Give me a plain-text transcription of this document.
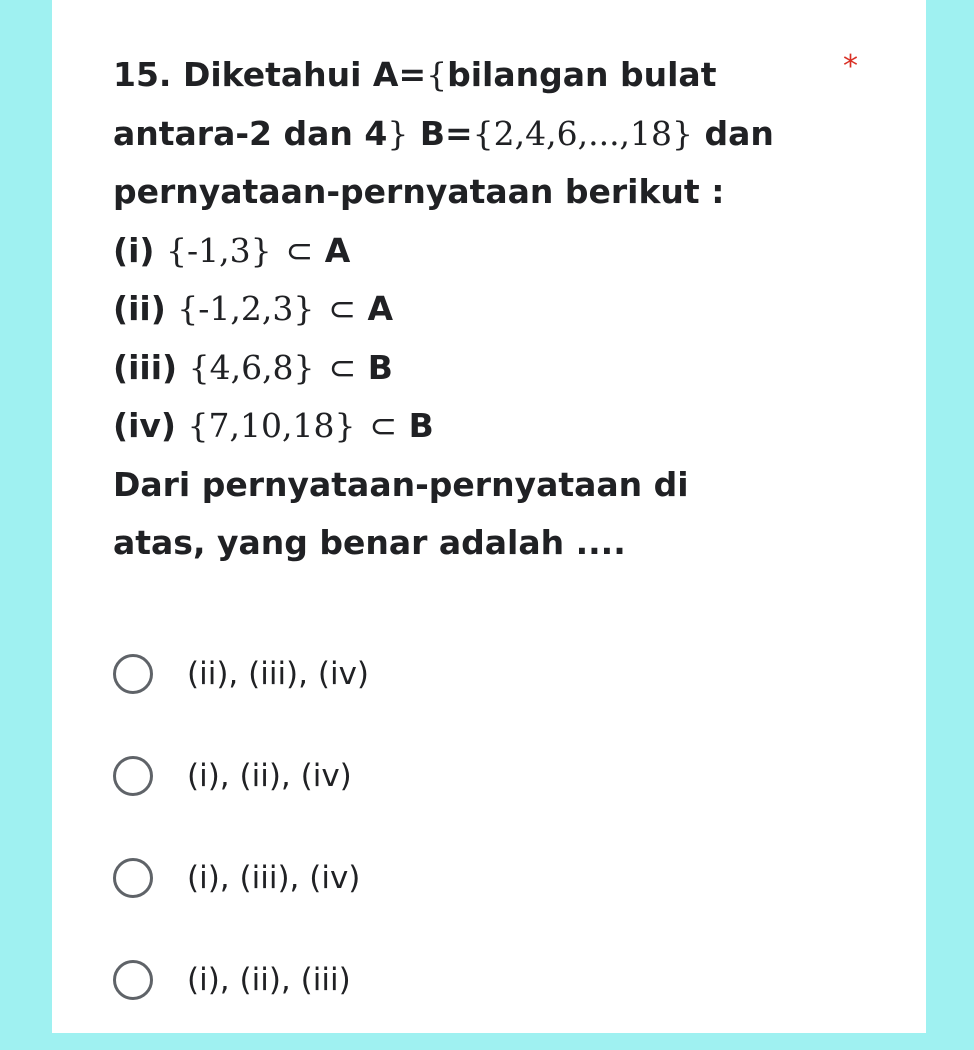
*
15. Diketahui A={bilangan bulat
antara-2 dan 4} B={2,4,6,...,18} dan
pernyataan-pernyataan berikut :
(i) {-1,3} ⊂ A
(ii) {-1,2,3} ⊂ A
(iii) {4,6,8} ⊂ B
(iv) {7,10,18} ⊂ B
Dari pernyataan-pernyataan di
atas, yang benar adalah ....
(ii), (iii), (iv)
(i), (ii), (iv)
(i), (iii), (iv)
(i), (ii), (iii)
